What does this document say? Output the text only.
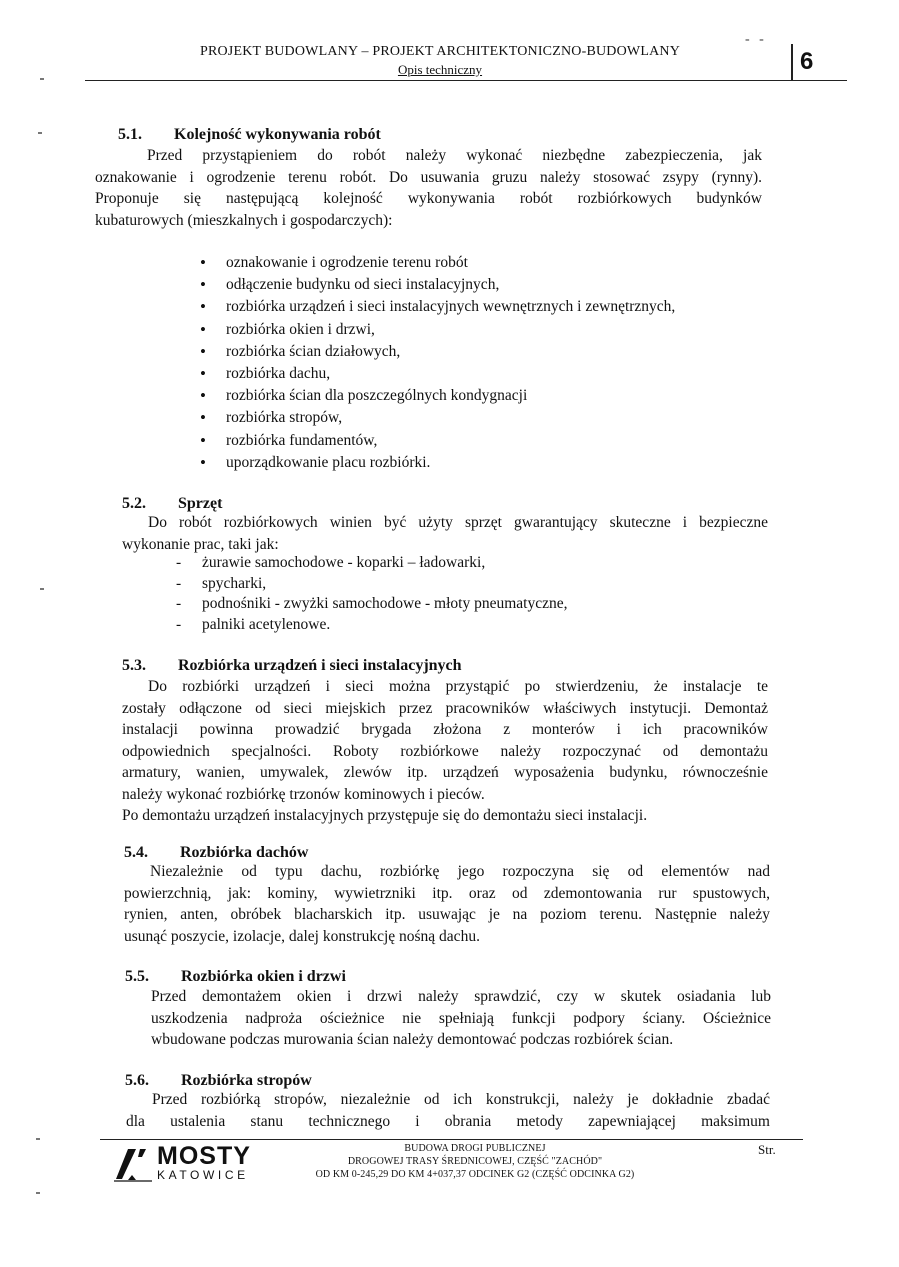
- -
PROJEKT BUDOWLANY – PROJEKT ARCHITEKTONICZNO-BUDOWLANY
Opis techniczny	6
5.1. Kolejność wykonywania robót
Przed przystąpieniem do robót należy wykonać niezbędne zabezpieczenia, jak
oznakowanie i ogrodzenie terenu robót. Do usuwania gruzu należy stosować zsypy (rynny).
Proponuje się następującą kolejność wykonywania robót rozbiórkowych budynków
kubaturowych (mieszkalnych i gospodarczych):
• oznakowanie i ogrodzenie terenu robót
• odłączenie budynku od sieci instalacyjnych,
• rozbiórka urządzeń i sieci instalacyjnych wewnętrznych i zewnętrznych,
• rozbiórka okien i drzwi,
• rozbiórka ścian działowych,
• rozbiórka dachu,
• rozbiórka ścian dla poszczególnych kondygnacji
• rozbiórka stropów,
• rozbiórka fundamentów,
• uporządkowanie placu rozbiórki.
5.2. Sprzęt
Do robót rozbiórkowych winien być użyty sprzęt gwarantujący skuteczne i bezpieczne
wykonanie prac, taki jak:
- żurawie samochodowe - koparki – ładowarki,
- spycharki,
- podnośniki - zwyżki samochodowe - młoty pneumatyczne,
- palniki acetylenowe.
5.3. Rozbiórka urządzeń i sieci instalacyjnych
Do rozbiórki urządzeń i sieci można przystąpić po stwierdzeniu, że instalacje te
zostały odłączone od sieci miejskich przez pracowników właściwych instytucji. Demontaż
instalacji powinna prowadzić brygada złożona z monterów i ich pracowników
odpowiednich specjalności. Roboty rozbiórkowe należy rozpoczynać od demontażu
armatury, wanien, umywalek, zlewów itp. urządzeń wyposażenia budynku, równocześnie
należy wykonać rozbiórkę trzonów kominowych i pieców.
Po demontażu urządzeń instalacyjnych przystępuje się do demontażu sieci instalacji.
5.4. Rozbiórka dachów
Niezależnie od typu dachu, rozbiórkę jego rozpoczyna się od elementów nad
powierzchnią, jak: kominy, wywietrzniki itp. oraz od zdemontowania rur spustowych,
rynien, anten, obróbek blacharskich itp. usuwając je na poziom terenu. Następnie należy
usunąć poszycie, izolacje, dalej konstrukcję nośną dachu.
5.5. Rozbiórka okien i drzwi
Przed demontażem okien i drzwi należy sprawdzić, czy w skutek osiadania lub
uszkodzenia nadproża ościeżnice nie spełniają funkcji podpory ściany. Ościeżnice
wbudowane podczas murowania ścian należy demontować podczas rozbiórek ścian.
5.6. Rozbiórka stropów
Przed rozbiórką stropów, niezależnie od ich konstrukcji, należy je dokładnie zbadać
dla ustalenia stanu technicznego i obrania metody zapewniającej maksimum
MOSTY
KATOWICE
BUDOWA DROGI PUBLICZNEJ
DROGOWEJ TRASY ŚREDNICOWEJ, CZĘŚĆ "ZACHÓD"
OD KM 0-245,29 DO KM 4+037,37 ODCINEK G2 (CZĘŚĆ ODCINKA G2)
Str.
